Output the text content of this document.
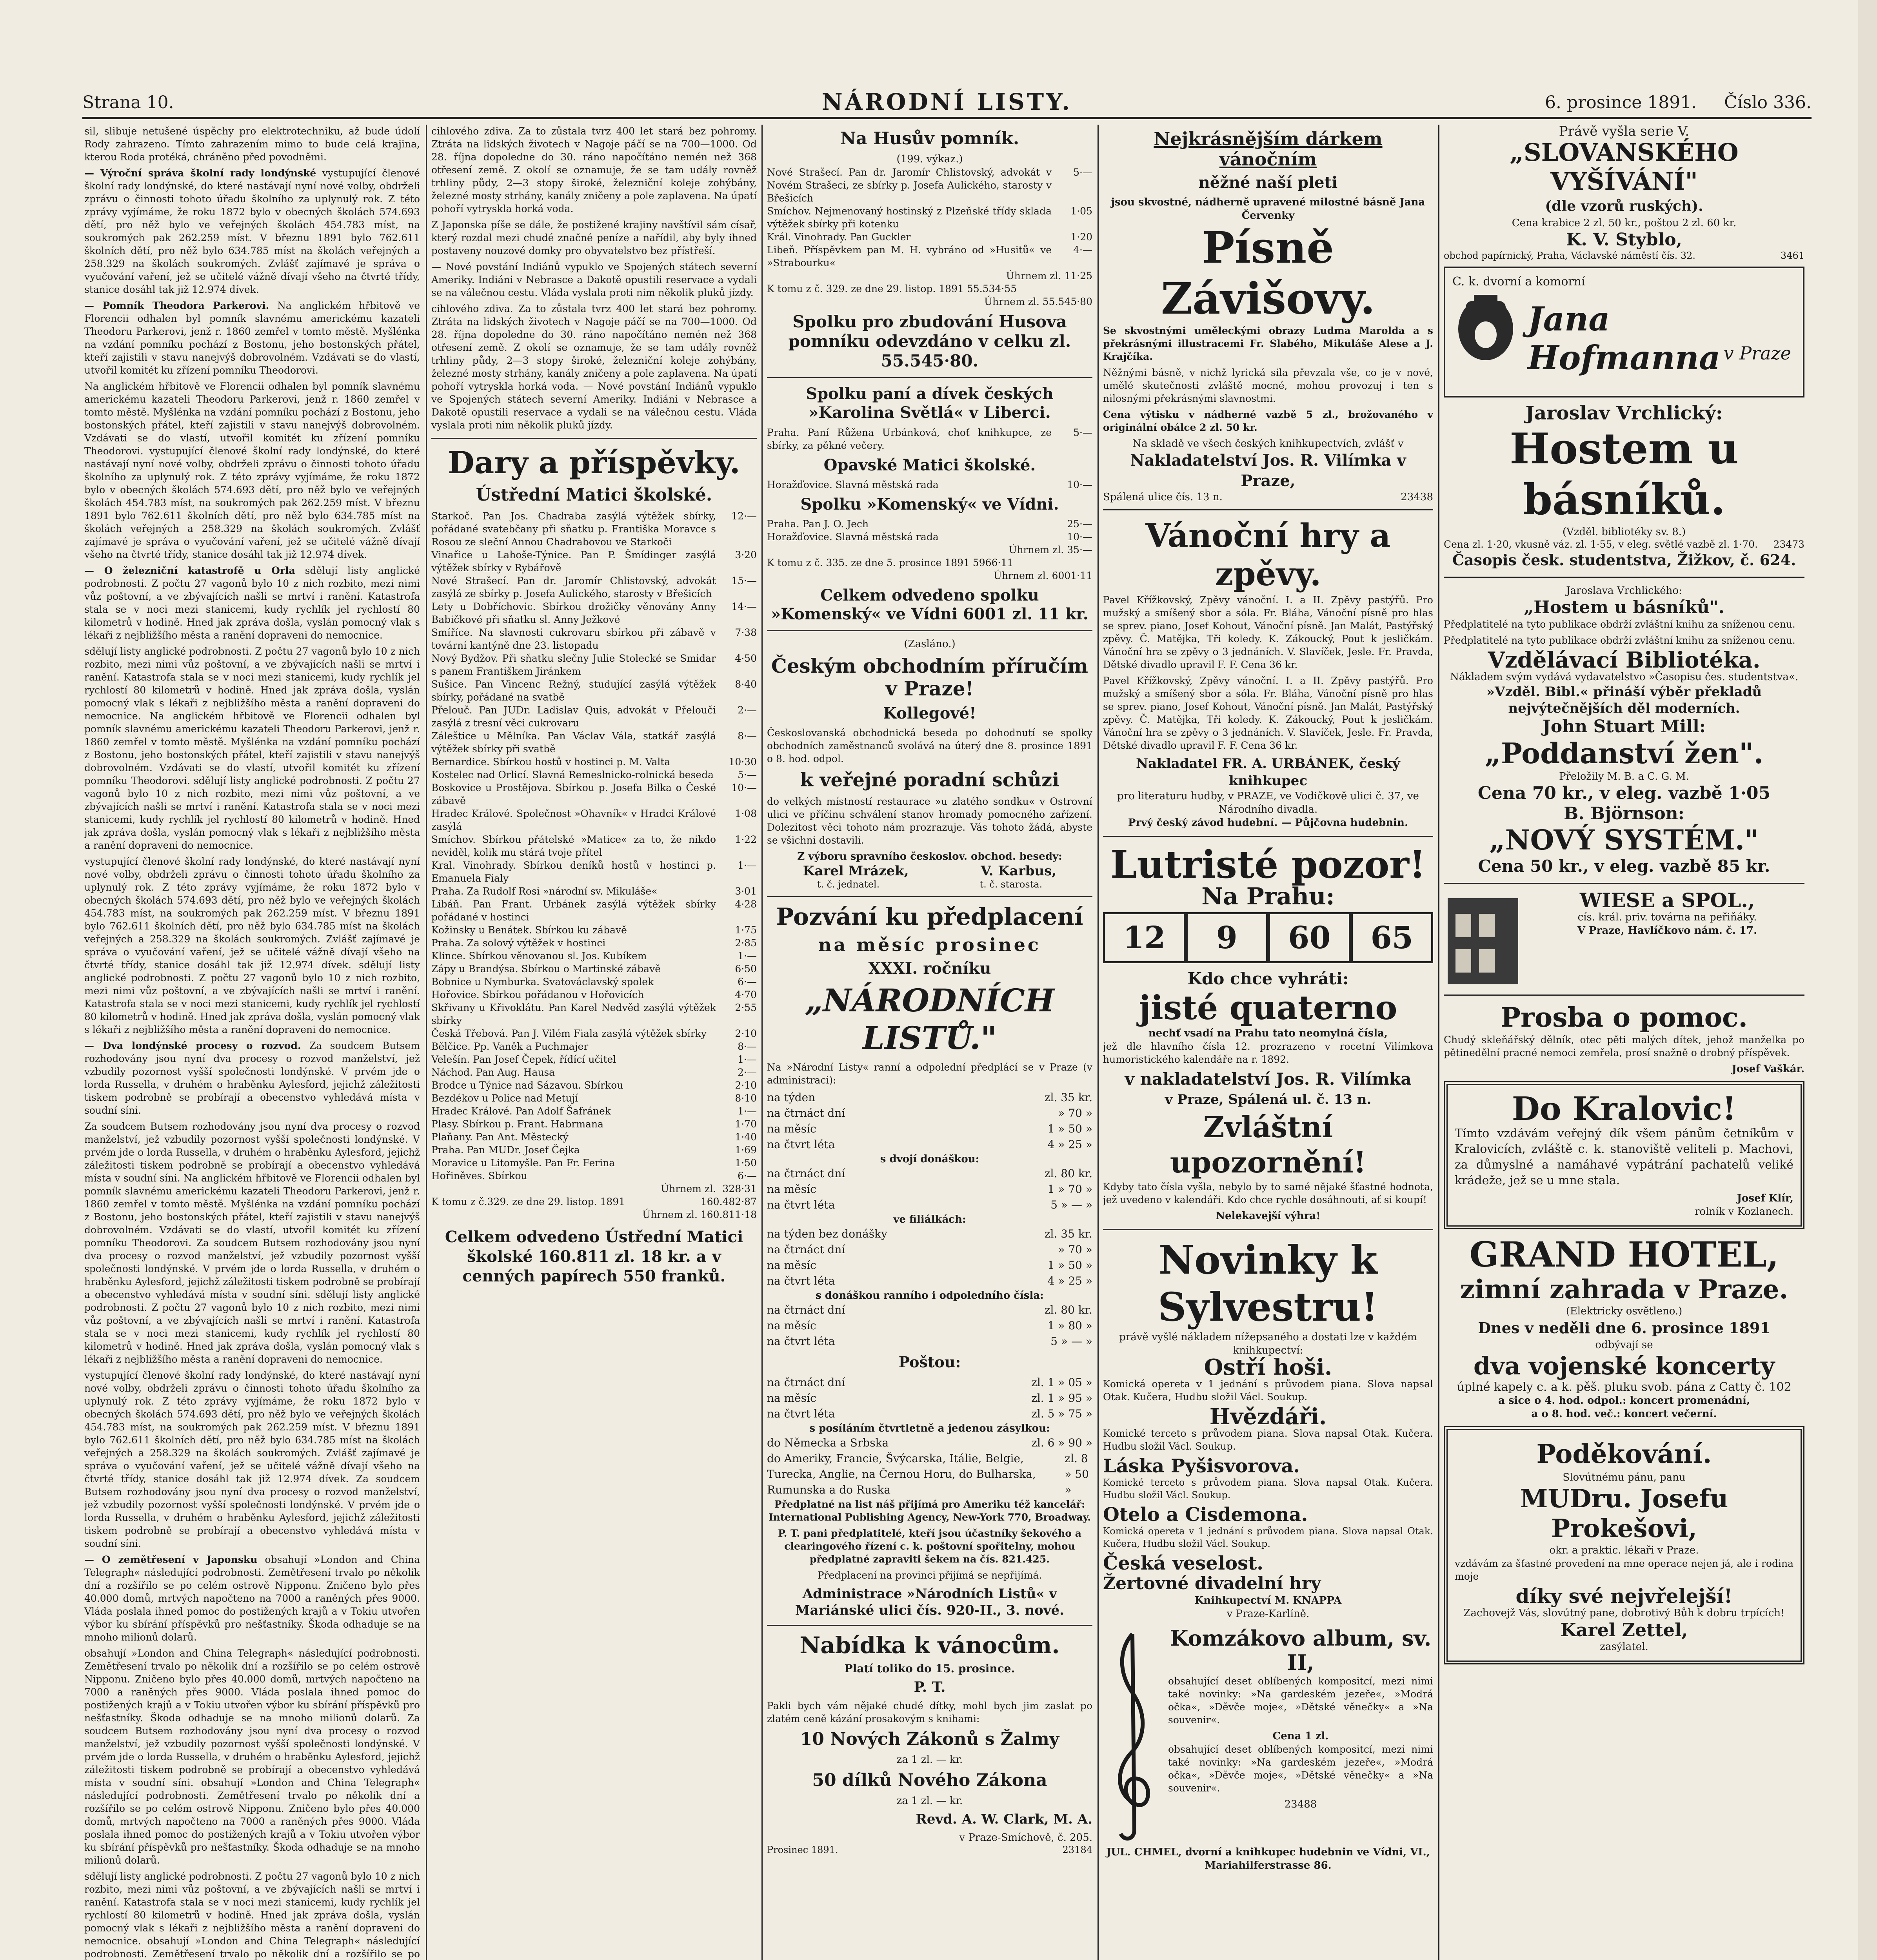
Strana 10.	NÁRODNÍ LISTY.	6. prosince 1891. Číslo 336.

sil, slibuje netušené úspěchy pro elektrotechniku, až bude údolí Rody zahrazeno. Tímto zahrazením mimo to bude celá krajina, kterou Roda protéká, chráněno před povodněmi.

— Výroční správa školní rady londýnské vystupující členové školní rady londýnské, do které nastávají nyní nové volby, obdrželi zprávu o činnosti tohoto úřadu školního za uplynulý rok. Z této zprávy vyjímáme, že roku 1872 bylo v obecných školách 574.693 dětí, pro něž bylo ve veřejných školách 454.783 míst, na soukromých pak 262.259 míst. V březnu 1891 bylo 762.611 školních dětí, pro něž bylo 634.785 míst na školách veřejných a 258.329 na školách soukromých. Zvlášť zajímavé je správa o vyučování vaření, jež se učitelé vážně dívají všeho na čtvrté třídy, stanice dosáhl tak již 12.974 dívek.

— Pomník Theodora Parkerovi. Na anglickém hřbitově ve Florencii odhalen byl pomník slavnému americkému kazateli Theodoru Parkerovi, jenž r. 1860 zemřel v tomto městě. Myšlénka na vzdání pomníku pochází z Bostonu, jeho bostonských přátel, kteří zajistili v stavu nanejvýš dobrovolném. Vzdávati se do vlastí, utvořil komitét ku zřízení pomníku Theodorovi.

Na anglickém hřbitově ve Florencii odhalen byl pomník slavnému americkému kazateli Theodoru Parkerovi, jenž r. 1860 zemřel v tomto městě. Myšlénka na vzdání pomníku pochází z Bostonu, jeho bostonských přátel, kteří zajistili v stavu nanejvýš dobrovolném. Vzdávati se do vlastí, utvořil komitét ku zřízení pomníku Theodorovi. vystupující členové školní rady londýnské, do které nastávají nyní nové volby, obdrželi zprávu o činnosti tohoto úřadu školního za uplynulý rok. Z této zprávy vyjímáme, že roku 1872 bylo v obecných školách 574.693 dětí, pro něž bylo ve veřejných školách 454.783 míst, na soukromých pak 262.259 míst. V březnu 1891 bylo 762.611 školních dětí, pro něž bylo 634.785 míst na školách veřejných a 258.329 na školách soukromých. Zvlášť zajímavé je správa o vyučování vaření, jež se učitelé vážně dívají všeho na čtvrté třídy, stanice dosáhl tak již 12.974 dívek.

— O železniční katastrofě u Orla sdělují listy anglické podrobnosti. Z počtu 27 vagonů bylo 10 z nich rozbito, mezi nimi vůz poštovní, a ve zbývajících našli se mrtví i ranění. Katastrofa stala se v noci mezi stanicemi, kudy rychlík jel rychlostí 80 kilometrů v hodině. Hned jak zpráva došla, vyslán pomocný vlak s lékaři z nejbližšího města a ranění dopraveni do nemocnice.

sdělují listy anglické podrobnosti. Z počtu 27 vagonů bylo 10 z nich rozbito, mezi nimi vůz poštovní, a ve zbývajících našli se mrtví i ranění. Katastrofa stala se v noci mezi stanicemi, kudy rychlík jel rychlostí 80 kilometrů v hodině. Hned jak zpráva došla, vyslán pomocný vlak s lékaři z nejbližšího města a ranění dopraveni do nemocnice. Na anglickém hřbitově ve Florencii odhalen byl pomník slavnému americkému kazateli Theodoru Parkerovi, jenž r. 1860 zemřel v tomto městě. Myšlénka na vzdání pomníku pochází z Bostonu, jeho bostonských přátel, kteří zajistili v stavu nanejvýš dobrovolném. Vzdávati se do vlastí, utvořil komitét ku zřízení pomníku Theodorovi. sdělují listy anglické podrobnosti. Z počtu 27 vagonů bylo 10 z nich rozbito, mezi nimi vůz poštovní, a ve zbývajících našli se mrtví i ranění. Katastrofa stala se v noci mezi stanicemi, kudy rychlík jel rychlostí 80 kilometrů v hodině. Hned jak zpráva došla, vyslán pomocný vlak s lékaři z nejbližšího města a ranění dopraveni do nemocnice.

vystupující členové školní rady londýnské, do které nastávají nyní nové volby, obdrželi zprávu o činnosti tohoto úřadu školního za uplynulý rok. Z této zprávy vyjímáme, že roku 1872 bylo v obecných školách 574.693 dětí, pro něž bylo ve veřejných školách 454.783 míst, na soukromých pak 262.259 míst. V březnu 1891 bylo 762.611 školních dětí, pro něž bylo 634.785 míst na školách veřejných a 258.329 na školách soukromých. Zvlášť zajímavé je správa o vyučování vaření, jež se učitelé vážně dívají všeho na čtvrté třídy, stanice dosáhl tak již 12.974 dívek. sdělují listy anglické podrobnosti. Z počtu 27 vagonů bylo 10 z nich rozbito, mezi nimi vůz poštovní, a ve zbývajících našli se mrtví i ranění. Katastrofa stala se v noci mezi stanicemi, kudy rychlík jel rychlostí 80 kilometrů v hodině. Hned jak zpráva došla, vyslán pomocný vlak s lékaři z nejbližšího města a ranění dopraveni do nemocnice.

— Dva londýnské procesy o rozvod. Za soudcem Butsem rozhodovány jsou nyní dva procesy o rozvod manželství, jež vzbudily pozornost vyšší společnosti londýnské. V prvém jde o lorda Russella, v druhém o hraběnku Aylesford, jejichž záležitosti tiskem podrobně se probírají a obecenstvo vyhledává místa v soudní síni.

Za soudcem Butsem rozhodovány jsou nyní dva procesy o rozvod manželství, jež vzbudily pozornost vyšší společnosti londýnské. V prvém jde o lorda Russella, v druhém o hraběnku Aylesford, jejichž záležitosti tiskem podrobně se probírají a obecenstvo vyhledává místa v soudní síni. Na anglickém hřbitově ve Florencii odhalen byl pomník slavnému americkému kazateli Theodoru Parkerovi, jenž r. 1860 zemřel v tomto městě. Myšlénka na vzdání pomníku pochází z Bostonu, jeho bostonských přátel, kteří zajistili v stavu nanejvýš dobrovolném. Vzdávati se do vlastí, utvořil komitét ku zřízení pomníku Theodorovi. Za soudcem Butsem rozhodovány jsou nyní dva procesy o rozvod manželství, jež vzbudily pozornost vyšší společnosti londýnské. V prvém jde o lorda Russella, v druhém o hraběnku Aylesford, jejichž záležitosti tiskem podrobně se probírají a obecenstvo vyhledává místa v soudní síni. sdělují listy anglické podrobnosti. Z počtu 27 vagonů bylo 10 z nich rozbito, mezi nimi vůz poštovní, a ve zbývajících našli se mrtví i ranění. Katastrofa stala se v noci mezi stanicemi, kudy rychlík jel rychlostí 80 kilometrů v hodině. Hned jak zpráva došla, vyslán pomocný vlak s lékaři z nejbližšího města a ranění dopraveni do nemocnice.

vystupující členové školní rady londýnské, do které nastávají nyní nové volby, obdrželi zprávu o činnosti tohoto úřadu školního za uplynulý rok. Z této zprávy vyjímáme, že roku 1872 bylo v obecných školách 574.693 dětí, pro něž bylo ve veřejných školách 454.783 míst, na soukromých pak 262.259 míst. V březnu 1891 bylo 762.611 školních dětí, pro něž bylo 634.785 míst na školách veřejných a 258.329 na školách soukromých. Zvlášť zajímavé je správa o vyučování vaření, jež se učitelé vážně dívají všeho na čtvrté třídy, stanice dosáhl tak již 12.974 dívek. Za soudcem Butsem rozhodovány jsou nyní dva procesy o rozvod manželství, jež vzbudily pozornost vyšší společnosti londýnské. V prvém jde o lorda Russella, v druhém o hraběnku Aylesford, jejichž záležitosti tiskem podrobně se probírají a obecenstvo vyhledává místa v soudní síni.

— O zemětřesení v Japonsku obsahují »London and China Telegraph« následující podrobnosti. Zemětřesení trvalo po několik dní a rozšířilo se po celém ostrově Nipponu. Zničeno bylo přes 40.000 domů, mrtvých napočteno na 7000 a raněných přes 9000. Vláda poslala ihned pomoc do postižených krajů a v Tokiu utvořen výbor ku sbírání příspěvků pro nešťastníky. Škoda odhaduje se na mnoho milionů dolarů.

obsahují »London and China Telegraph« následující podrobnosti. Zemětřesení trvalo po několik dní a rozšířilo se po celém ostrově Nipponu. Zničeno bylo přes 40.000 domů, mrtvých napočteno na 7000 a raněných přes 9000. Vláda poslala ihned pomoc do postižených krajů a v Tokiu utvořen výbor ku sbírání příspěvků pro nešťastníky. Škoda odhaduje se na mnoho milionů dolarů. Za soudcem Butsem rozhodovány jsou nyní dva procesy o rozvod manželství, jež vzbudily pozornost vyšší společnosti londýnské. V prvém jde o lorda Russella, v druhém o hraběnku Aylesford, jejichž záležitosti tiskem podrobně se probírají a obecenstvo vyhledává místa v soudní síni. obsahují »London and China Telegraph« následující podrobnosti. Zemětřesení trvalo po několik dní a rozšířilo se po celém ostrově Nipponu. Zničeno bylo přes 40.000 domů, mrtvých napočteno na 7000 a raněných přes 9000. Vláda poslala ihned pomoc do postižených krajů a v Tokiu utvořen výbor ku sbírání příspěvků pro nešťastníky. Škoda odhaduje se na mnoho milionů dolarů.

sdělují listy anglické podrobnosti. Z počtu 27 vagonů bylo 10 z nich rozbito, mezi nimi vůz poštovní, a ve zbývajících našli se mrtví i ranění. Katastrofa stala se v noci mezi stanicemi, kudy rychlík jel rychlostí 80 kilometrů v hodině. Hned jak zpráva došla, vyslán pomocný vlak s lékaři z nejbližšího města a ranění dopraveni do nemocnice. obsahují »London and China Telegraph« následující podrobnosti. Zemětřesení trvalo po několik dní a rozšířilo se po

cihlového zdiva. Za to zůstala tvrz 400 let stará bez pohromy. Ztráta na lidských životech v Nagoje páčí se na 700—1000. Od 28. října dopoledne do 30. ráno napočítáno nemén než 368 otřesení země. Z okolí se oznamuje, že se tam udály rovněž trhliny půdy, 2—3 stopy široké, železniční koleje zohýbány, železné mosty strhány, kanály zničeny a pole zaplavena. Na úpatí pohoří vytryskla horká voda.

Z Japonska píše se dále, že postižené krajiny navštívil sám císař, který rozdal mezi chudé značné peníze a nařídil, aby byly ihned postaveny nouzové domky pro obyvatelstvo bez přístřeší.

— Nové povstání Indiánů vypuklo ve Spojených státech severní Ameriky. Indiáni v Nebrasce a Dakotě opustili reservace a vydali se na válečnou cestu. Vláda vyslala proti nim několik pluků jízdy.

cihlového zdiva. Za to zůstala tvrz 400 let stará bez pohromy. Ztráta na lidských životech v Nagoje páčí se na 700—1000. Od 28. října dopoledne do 30. ráno napočítáno nemén než 368 otřesení země. Z okolí se oznamuje, že se tam udály rovněž trhliny půdy, 2—3 stopy široké, železniční koleje zohýbány, železné mosty strhány, kanály zničeny a pole zaplavena. Na úpatí pohoří vytryskla horká voda. — Nové povstání Indiánů vypuklo ve Spojených státech severní Ameriky. Indiáni v Nebrasce a Dakotě opustili reservace a vydali se na válečnou cestu. Vláda vyslala proti nim několik pluků jízdy.

Dary a příspěvky.
Ústřední Matici školské.
Starkoč. Pan Jos. Chadraba zasýlá výtěžek sbírky, pořádané svatebčany při sňatku p. Františka Moravce s Rosou ze sleční Annou Chadrabovou ve Starkoči
12·—
Vinařice u Lahoše-Týnice. Pan P. Šmídinger zasýlá výtěžek sbírky v Rybářově
3·20
Nové Strašecí. Pan dr. Jaromír Chlistovský, advokát zasýlá ze sbírky p. Josefa Aulického, starosty v Břešicích
15·—
Lety u Dobříchovic. Sbírkou drožičky věnovány Anny Babičkové při sňatku sl. Anny Ježkové
14·—
Smíříce. Na slavnosti cukrovaru sbírkou při zábavě v tovární kantýně dne 23. listopadu
7·38
Nový Bydžov. Při sňatku slečny Julie Stolecké se Smidar s panem Františkem Jiránkem
4·50
Sušice. Pan Vincenc Režný, studující zasýlá výtěžek sbírky, pořádané na svatbě
8·40
Přelouč. Pan JUDr. Ladislav Quis, advokát v Přelouči zasýlá z tresní věci cukrovaru
2·—
Záleštice u Mělníka. Pan Václav Vála, statkář zasýlá výtěžek sbírky při svatbě
8·—
Bernardice. Sbírkou hostů v hostinci p. M. Valta	10·30
Kostelec nad Orlicí. Slavná Remeslnicko-rolnická beseda	5·—
Boskovice u Prostějova. Sbírkou p. Josefa Bilka o České zábavě
10·—
Hradec Králové. Společnost »Ohavník« v Hradci Králové zasýlá
1·08
Smíchov. Sbírkou přátelské »Matice« za to, že nikdo neviděl, kolik mu stárá tvoje přítel
1·22
Kral. Vinohrady. Sbírkou deníků hostů v hostinci p. Emanuela Fialy
1·—
Praha. Za Rudolf Rosi »národní sv. Mikuláše«	3·01
Libáň. Pan Frant. Urbánek zasýlá výtěžek sbírky pořádané v hostinci
4·28
Kožinsky u Benátek. Sbírkou ku zábavě	1·75
Praha. Za solový výtěžek v hostinci	2·85
Klince. Sbírkou věnovanou sl. Jos. Kubíkem	1·—
Zápy u Brandýsa. Sbírkou o Martinské zábavě	6·50
Bobnice u Nymburka. Svatováclavský spolek	6·—
Hořovice. Sbírkou pořádanou v Hořovicích	4·70
Skřivany u Křivoklátu. Pan Karel Nedvěd zasýlá výtěžek sbírky
2·55
Česká Třebová. Pan J. Vilém Fiala zasýlá výtěžek sbírky	2·10
Bělčice. Pp. Vaněk a Puchmajer	8·—
Velešín. Pan Josef Čepek, řídící učitel	1·—
Náchod. Pan Aug. Hausa	2·—
Brodce u Týnice nad Sázavou. Sbírkou	2·10
Bezdékov u Police nad Metují	8·10
Hradec Králové. Pan Adolf Šafránek	1·—
Plasy. Sbírkou p. Frant. Habrmana	1·70
Plaňany. Pan Ant. Městecký	1·40
Praha. Pan MUDr. Josef Čejka	1·69
Moravice u Litomyšle. Pan Fr. Ferina	1·50
Hořiněves. Sbírkou	6·—
Úhrnem zl. 328·31
K tomu z č.329. ze dne 29. listop. 1891	160.482·87
Úhrnem zl. 160.811·18
Celkem odvedeno Ústřední Matici školské 160.811 zl. 18 kr. a v cenných papírech 550 franků.
Na Husův pomník.
(199. výkaz.)
Nové Strašecí. Pan dr. Jaromír Chlistovský, advokát v Novém Strašeci, ze sbírky p. Josefa Aulického, starosty v Břešicích
5·—
Smíchov. Nejmenovaný hostinský z Plzeňské třídy sklada výtěžek sbírky při kotenku
1·05
Král. Vinohrady. Pan Guckler	1·20
Libeň. Příspěvkem pan M. H. vybráno od »Husitů« ve »Strabourku«
4·—
Úhrnem zl. 11·25
K tomu z č. 329. ze dne 29. listop. 1891 55.534·55
Úhrnem zl. 55.545·80
Spolku pro zbudování Husova pomníku odevzdáno v celku zl. 55.545·80.
Spolku paní a dívek českých »Karolina Světlá« v Liberci.
Praha. Paní Růžena Urbánková, choť knihkupce, ze sbírky, za pěkné večery.
5·—
Opavské Matici školské.
Horažďovice. Slavná městská rada	10·—
Spolku »Komenský« ve Vídni.
Praha. Pan J. O. Jech	25·—
Horažďovice. Slavná městská rada	10·—
Úhrnem zl. 35·—
K tomu z č. 335. ze dne 5. prosince 1891 5966·11
Úhrnem zl. 6001·11
Celkem odvedeno spolku »Komenský« ve Vídni 6001 zl. 11 kr.
(Zasláno.)
Českým obchodním příručím v Praze!
Kollegové!

Českoslovanská obchodnická beseda po dohodnutí se spolky obchodních zaměstnanců svolává na úterý dne 8. prosince 1891 o 8. hod. odpol.

k veřejné poradní schůzi

do velkých místností restaurace »u zlatého sondku« v Ostrovní ulici ve příčinu schválení stanov hromady pomocného zařízení. Dolezitost věci tohoto nám prozrazuje. Vás tohoto žádá, abyste se všichni dostavili.

Z výboru spravního českoslov. obchod. besedy:
Karel Mrázek,	V. Karbus,
t. č. jednatel.	t. č. starosta.
Pozvání ku předplacení
na měsíc prosinec
XXXI. ročníku
„NÁRODNÍCH LISTŮ."

Na »Národní Listy« ranní a odpolední předplácí se v Praze (v administraci):

na týden	zl. 35 kr.
na čtrnáct dní	» 70 »
na měsíc	1 » 50 »
na čtvrt léta	4 » 25 »
s dvojí donáškou:
na čtrnáct dní	zl. 80 kr.
na měsíc	1 » 70 »
na čtvrt léta	5 » — »
ve filiálkách:
na týden bez donášky	zl. 35 kr.
na čtrnáct dní	» 70 »
na měsíc	1 » 50 »
na čtvrt léta	4 » 25 »
s donáškou ranního i odpoledního čísla:
na čtrnáct dní	zl. 80 kr.
na měsíc	1 » 80 »
na čtvrt léta	5 » — »
Poštou:
na čtrnáct dní	zl. 1 » 05 »
na měsíc	zl. 1 » 95 »
na čtvrt léta	zl. 5 » 75 »
s posíláním čtvrtletně a jedenou zásylkou:
do Německa a Srbska	zl. 6 » 90 »
do Ameriky, Francie, Švýcarska, Itálie, Belgie, Turecka, Anglie, na Černou Horu, do Bulharska, Rumunska a do Ruska
zl. 8 » 50 »

Předplatné na list náš přijímá pro Ameriku též kancelář: International Publishing Agency, New-York 770, Broadway.

P. T. pani předplatitelé, kteří jsou účastníky šekového a clearingového řízení c. k. poštovní spořitelny, mohou předplatné zapraviti šekem na čís. 821.425.

Předplacení na provinci přijímá se nepřijímá.

Administrace »Národních Listů« v Mariánské ulici čís. 920-II., 3. nové.
Nabídka k vánocům.
Platí toliko do 15. prosince.
P. T.

Pakli bych vám nějaké chudé dítky, mohl bych jim zaslat po zlatém ceně kázání prosakovým s knihami:

10 Nových Zákonů s Žalmy
za 1 zl. — kr.
50 dílků Nového Zákona
za 1 zl. — kr.
Revd. A. W. Clark, M. A.
v Praze-Smíchově, č. 205.
Prosinec 1891.	23184
Nejkrásnějším dárkem vánočním
něžné naší pleti
jsou skvostné, nádherně upravené milostné básně Jana Červenky
Písně Závišovy.

Se skvostnými uměleckými obrazy Ludma Marolda a s překrásnými illustracemi Fr. Slabého, Mikuláše Alese a J. Krajčíka.

Něžnými básně, v nichž lyrická sila převzala vše, co je v nové, umělé skutečnosti zvláště mocné, mohou provozuj i ten s nilosnými překrásnými slavnostmi.

Cena výtisku v nádherné vazbě 5 zl., brožovaného v originální obálce 2 zl. 50 kr.

Na skladě ve všech českých knihkupectvích, zvlášť v
Nakladatelství Jos. R. Vilímka v Praze,
Spálená ulice čís. 13 n.	23438
Vánoční hry a zpěvy.

Pavel Křížkovský, Zpěvy vánoční. I. a II. Zpěvy pastýřů. Pro mužský a smíšený sbor a sóla. Fr. Bláha, Vánoční písně pro hlas se sprev. piano, Josef Kohout, Vánoční písně. Jan Malát, Pastýřský zpěvy. Č. Matějka, Tři koledy. K. Zákoucký, Pout k jesličkám. Vánoční hra se zpěvy o 3 jednáních. V. Slavíček, Jesle. Fr. Pravda, Dětské divadlo upravil F. F. Cena 36 kr.

Pavel Křížkovský, Zpěvy vánoční. I. a II. Zpěvy pastýřů. Pro mužský a smíšený sbor a sóla. Fr. Bláha, Vánoční písně pro hlas se sprev. piano, Josef Kohout, Vánoční písně. Jan Malát, Pastýřský zpěvy. Č. Matějka, Tři koledy. K. Zákoucký, Pout k jesličkám. Vánoční hra se zpěvy o 3 jednáních. V. Slavíček, Jesle. Fr. Pravda, Dětské divadlo upravil F. F. Cena 36 kr.

Nakladatel FR. A. URBÁNEK, český knihkupec
pro literaturu hudby, v PRAZE, ve Vodičkově ulici č. 37, ve Národního divadla.
Prvý český závod hudební. — Půjčovna hudebnin.
Lutristé pozor!
Na Prahu:
12	9	60	65
Kdo chce vyhráti:
jisté quaterno
nechť vsadí na Prahu tato neomylná čísla,

jež dle hlavního čísla 12. prozrazeno v rocetní Vilímkova humoristického kalendáře na r. 1892.

v nakladatelství Jos. R. Vilímka
v Praze, Spálená ul. č. 13 n.
Zvláštní upozornění!

Kdyby tato čísla vyšla, nebylo by to samé nějaké šťastné hodnota, jež uvedeno v kalendáři. Kdo chce rychle dosáhnouti, ať si koupí!

Nelekavejší výhra!
Novinky k Sylvestru!
právě vyšlé nákladem nížepsaného a dostati lze v každém knihkupectví:
Ostří hoši.

Komická opereta v 1 jednání s průvodem piana. Slova napsal Otak. Kučera, Hudbu složil Václ. Soukup.

Hvězdáři.

Komické terceto s průvodem piana. Slova napsal Otak. Kučera. Hudbu složil Václ. Soukup.

Láska Pyšisvorova.

Komické terceto s průvodem piana. Slova napsal Otak. Kučera. Hudbu složil Václ. Soukup.

Otelo a Cisdemona.

Komická opereta v 1 jednání s průvodem piana. Slova napsal Otak. Kučera, Hudbu složil Václ. Soukup.

Česká veselost.
Žertovné divadelní hry
Knihkupectví M. KNAPPA
v Praze-Karlíně.
Komzákovo album, sv. II,

obsahující deset oblíbených kompositcí, mezi nimi také novinky: »Na gardeském jezeře«, »Modrá očka«, »Děvče moje«, »Dětské věnečky« a »Na souvenir«.

Cena 1 zl.

obsahující deset oblíbených kompositcí, mezi nimi také novinky: »Na gardeském jezeře«, »Modrá očka«, »Děvče moje«, »Dětské věnečky« a »Na souvenir«.

23488
JUL. CHMEL, dvorní a knihkupec hudebnin ve Vídni, VI., Mariahilferstrasse 86.
Právě vyšla serie V.
„SLOVANSKÉHO VYŠÍVÁNÍ"
(dle vzorů ruských).
Cena krabice 2 zl. 50 kr., poštou 2 zl. 60 kr.
K. V. Styblo,
obchod papírnický, Praha, Václavské náměstí čís. 32.	3461
C. k. dvorní a komorní
Jana Hofmanna v Praze
Jaroslav Vrchlický:
Hostem u básníků.
(Vzděl. bibliotéky sv. 8.)
Cena zl. 1·20, vkusně váz. zl. 1·55, v eleg. světlé vazbě zl. 1·70. 23473
Časopis česk. studentstva, Žižkov, č. 624.
Jaroslava Vrchlického:
„Hostem u básníků".

Předplatitelé na tyto publikace obdrží zvláštní knihu za sníženou cenu.

Předplatitelé na tyto publikace obdrží zvláštní knihu za sníženou cenu.

Vzdělávací Bibliotéka.
Nákladem svým vydává vydavatelstvo »Časopisu čes. studentstva«.
»Vzděl. Bibl.« přináší výběr překladů nejvýtečnějších děl moderních.
John Stuart Mill:
„Poddanství žen".
Přeložily M. B. a C. G. M.
Cena 70 kr., v eleg. vazbě 1·05
B. Björnson:
„NOVÝ SYSTÉM."
Cena 50 kr., v eleg. vazbě 85 kr.
WIESE a SPOL.,
cís. král. priv. továrna na peřiňáky.
V Praze, Havlíčkovo nám. č. 17.
Prosba o pomoc.

Chudý skleňářský dělník, otec pěti malých dítek, jehož manželka po pětinedělní pracné nemoci zemřela, prosí snažně o drobný příspěvek.

Josef Vaškár.
Do Kralovic!

Tímto vzdávám veřejný dík všem pánům četníkům v Kralovicích, zvláště c. k. stanoviště veliteli p. Machovi, za důmyslné a namáhavé vypátrání pachatelů veliké krádeže, jež se u mne stala.

Josef Klír,
rolník v Kozlanech.
GRAND HOTEL,
zimní zahrada v Praze.
(Elektricky osvětleno.)
Dnes v neděli dne 6. prosince 1891
odbývají se
dva vojenské koncerty
úplné kapely c. a k. pěš. pluku svob. pána z Catty č. 102
a sice o 4. hod. odpol.: koncert promenádní,
a o 8. hod. več.: koncert večerní.
Poděkování.
Slovútnému pánu, panu
MUDru. Josefu Prokešovi,
okr. a praktic. lékaři v Praze.

vzdávám za šťastné provedení na mne operace nejen já, ale i rodina moje

díky své nejvřelejší!
Zachovejž Vás, slovútný pane, dobrotivý Bůh k dobru trpících!
Karel Zettel,
zasýlatel.
